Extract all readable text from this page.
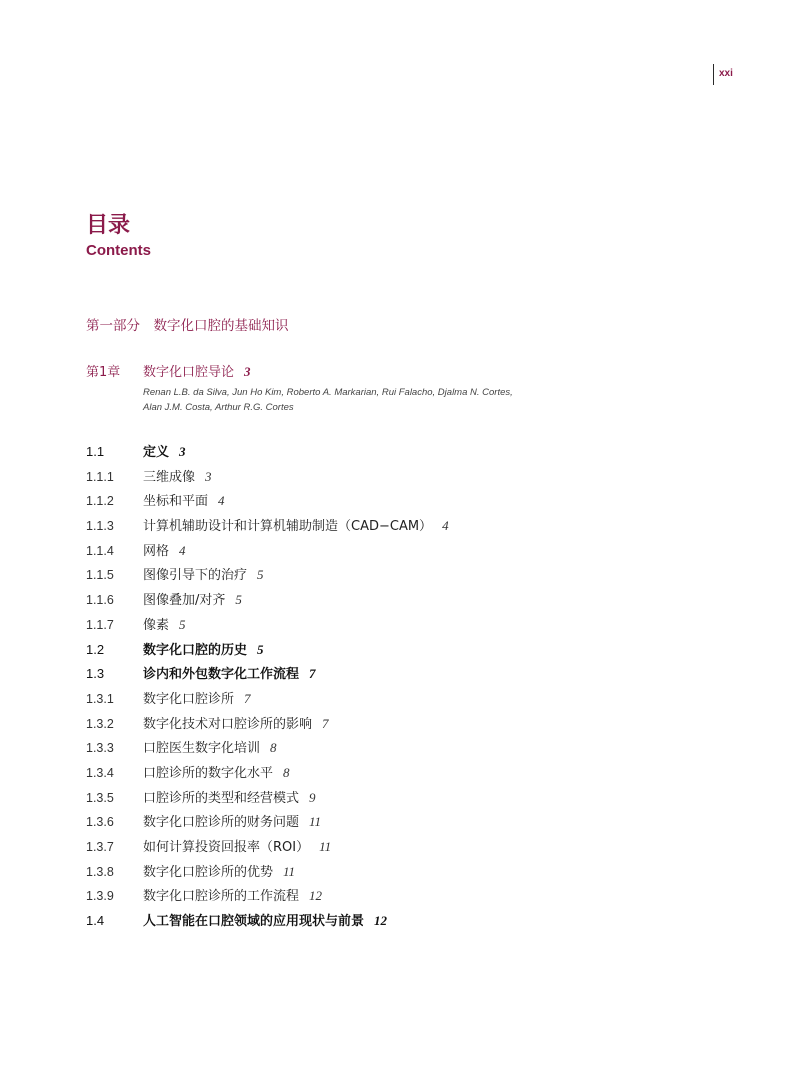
xxi
目录
Contents
第一部分　数字化口腔的基础知识
第1章 数字化口腔导论 3
Renan L.B. da Silva, Jun Ho Kim, Roberto A. Markarian, Rui Falacho, Djalma N. Cortes,
Alan J.M. Costa, Arthur R.G. Cortes
1.1	定义 3
1.1.1 三维成像 3
1.1.2 坐标和平面 4
1.1.3 计算机辅助设计和计算机辅助制造（CAD−CAM） 4
1.1.4 网格 4
1.1.5 图像引导下的治疗 5
1.1.6 图像叠加/对齐 5
1.1.7 像素 5
1.2	数字化口腔的历史 5
1.3	诊内和外包数字化工作流程 7
1.3.1 数字化口腔诊所 7
1.3.2 数字化技术对口腔诊所的影响 7
1.3.3 口腔医生数字化培训 8
1.3.4 口腔诊所的数字化水平 8
1.3.5 口腔诊所的类型和经营模式 9
1.3.6 数字化口腔诊所的财务问题 11
1.3.7 如何计算投资回报率（ROI） 11
1.3.8 数字化口腔诊所的优势 11
1.3.9 数字化口腔诊所的工作流程 12
1.4	人工智能在口腔领域的应用现状与前景 12
